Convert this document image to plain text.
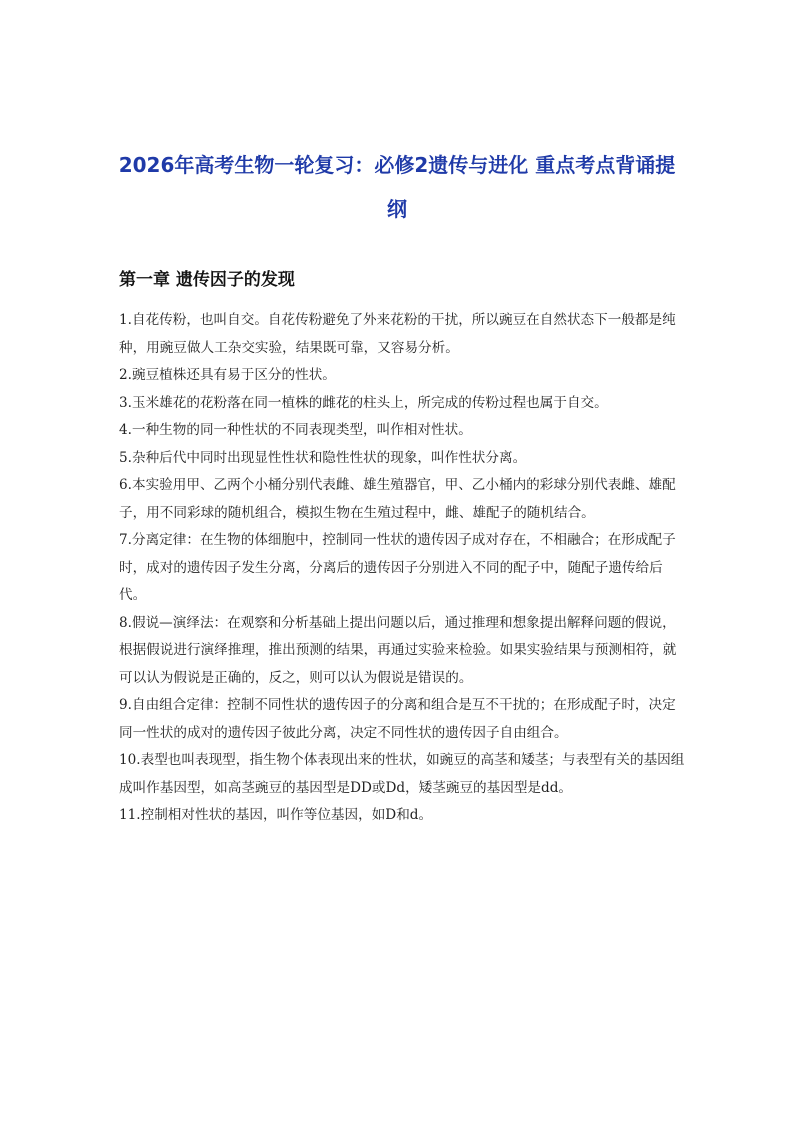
2026年高考生物一轮复习：必修2遗传与进化 重点考点背诵提纲
第一章 遗传因子的发现

1.自花传粉，也叫自交。自花传粉避免了外来花粉的干扰，所以豌豆在自然状态下一般都是纯种，用豌豆做人工杂交实验，结果既可靠，又容易分析。

2.豌豆植株还具有易于区分的性状。

3.玉米雄花的花粉落在同一植株的雌花的柱头上，所完成的传粉过程也属于自交。

4.一种生物的同一种性状的不同表现类型，叫作相对性状。

5.杂种后代中同时出现显性性状和隐性性状的现象，叫作性状分离。

6.本实验用甲、乙两个小桶分别代表雌、雄生殖器官，甲、乙小桶内的彩球分别代表雌、雄配子，用不同彩球的随机组合，模拟生物在生殖过程中，雌、雄配子的随机结合。

7.分离定律：在生物的体细胞中，控制同一性状的遗传因子成对存在，不相融合；在形成配子时，成对的遗传因子发生分离，分离后的遗传因子分别进入不同的配子中，随配子遗传给后代。

8.假说—演绎法：在观察和分析基础上提出问题以后，通过推理和想象提出解释问题的假说，根据假说进行演绎推理，推出预测的结果，再通过实验来检验。如果实验结果与预测相符，就可以认为假说是正确的，反之，则可以认为假说是错误的。

9.自由组合定律：控制不同性状的遗传因子的分离和组合是互不干扰的；在形成配子时，决定同一性状的成对的遗传因子彼此分离，决定不同性状的遗传因子自由组合。

10.表型也叫表现型，指生物个体表现出来的性状，如豌豆的高茎和矮茎；与表型有关的基因组成叫作基因型，如高茎豌豆的基因型是DD或Dd，矮茎豌豆的基因型是dd。

11.控制相对性状的基因，叫作等位基因，如D和d。
